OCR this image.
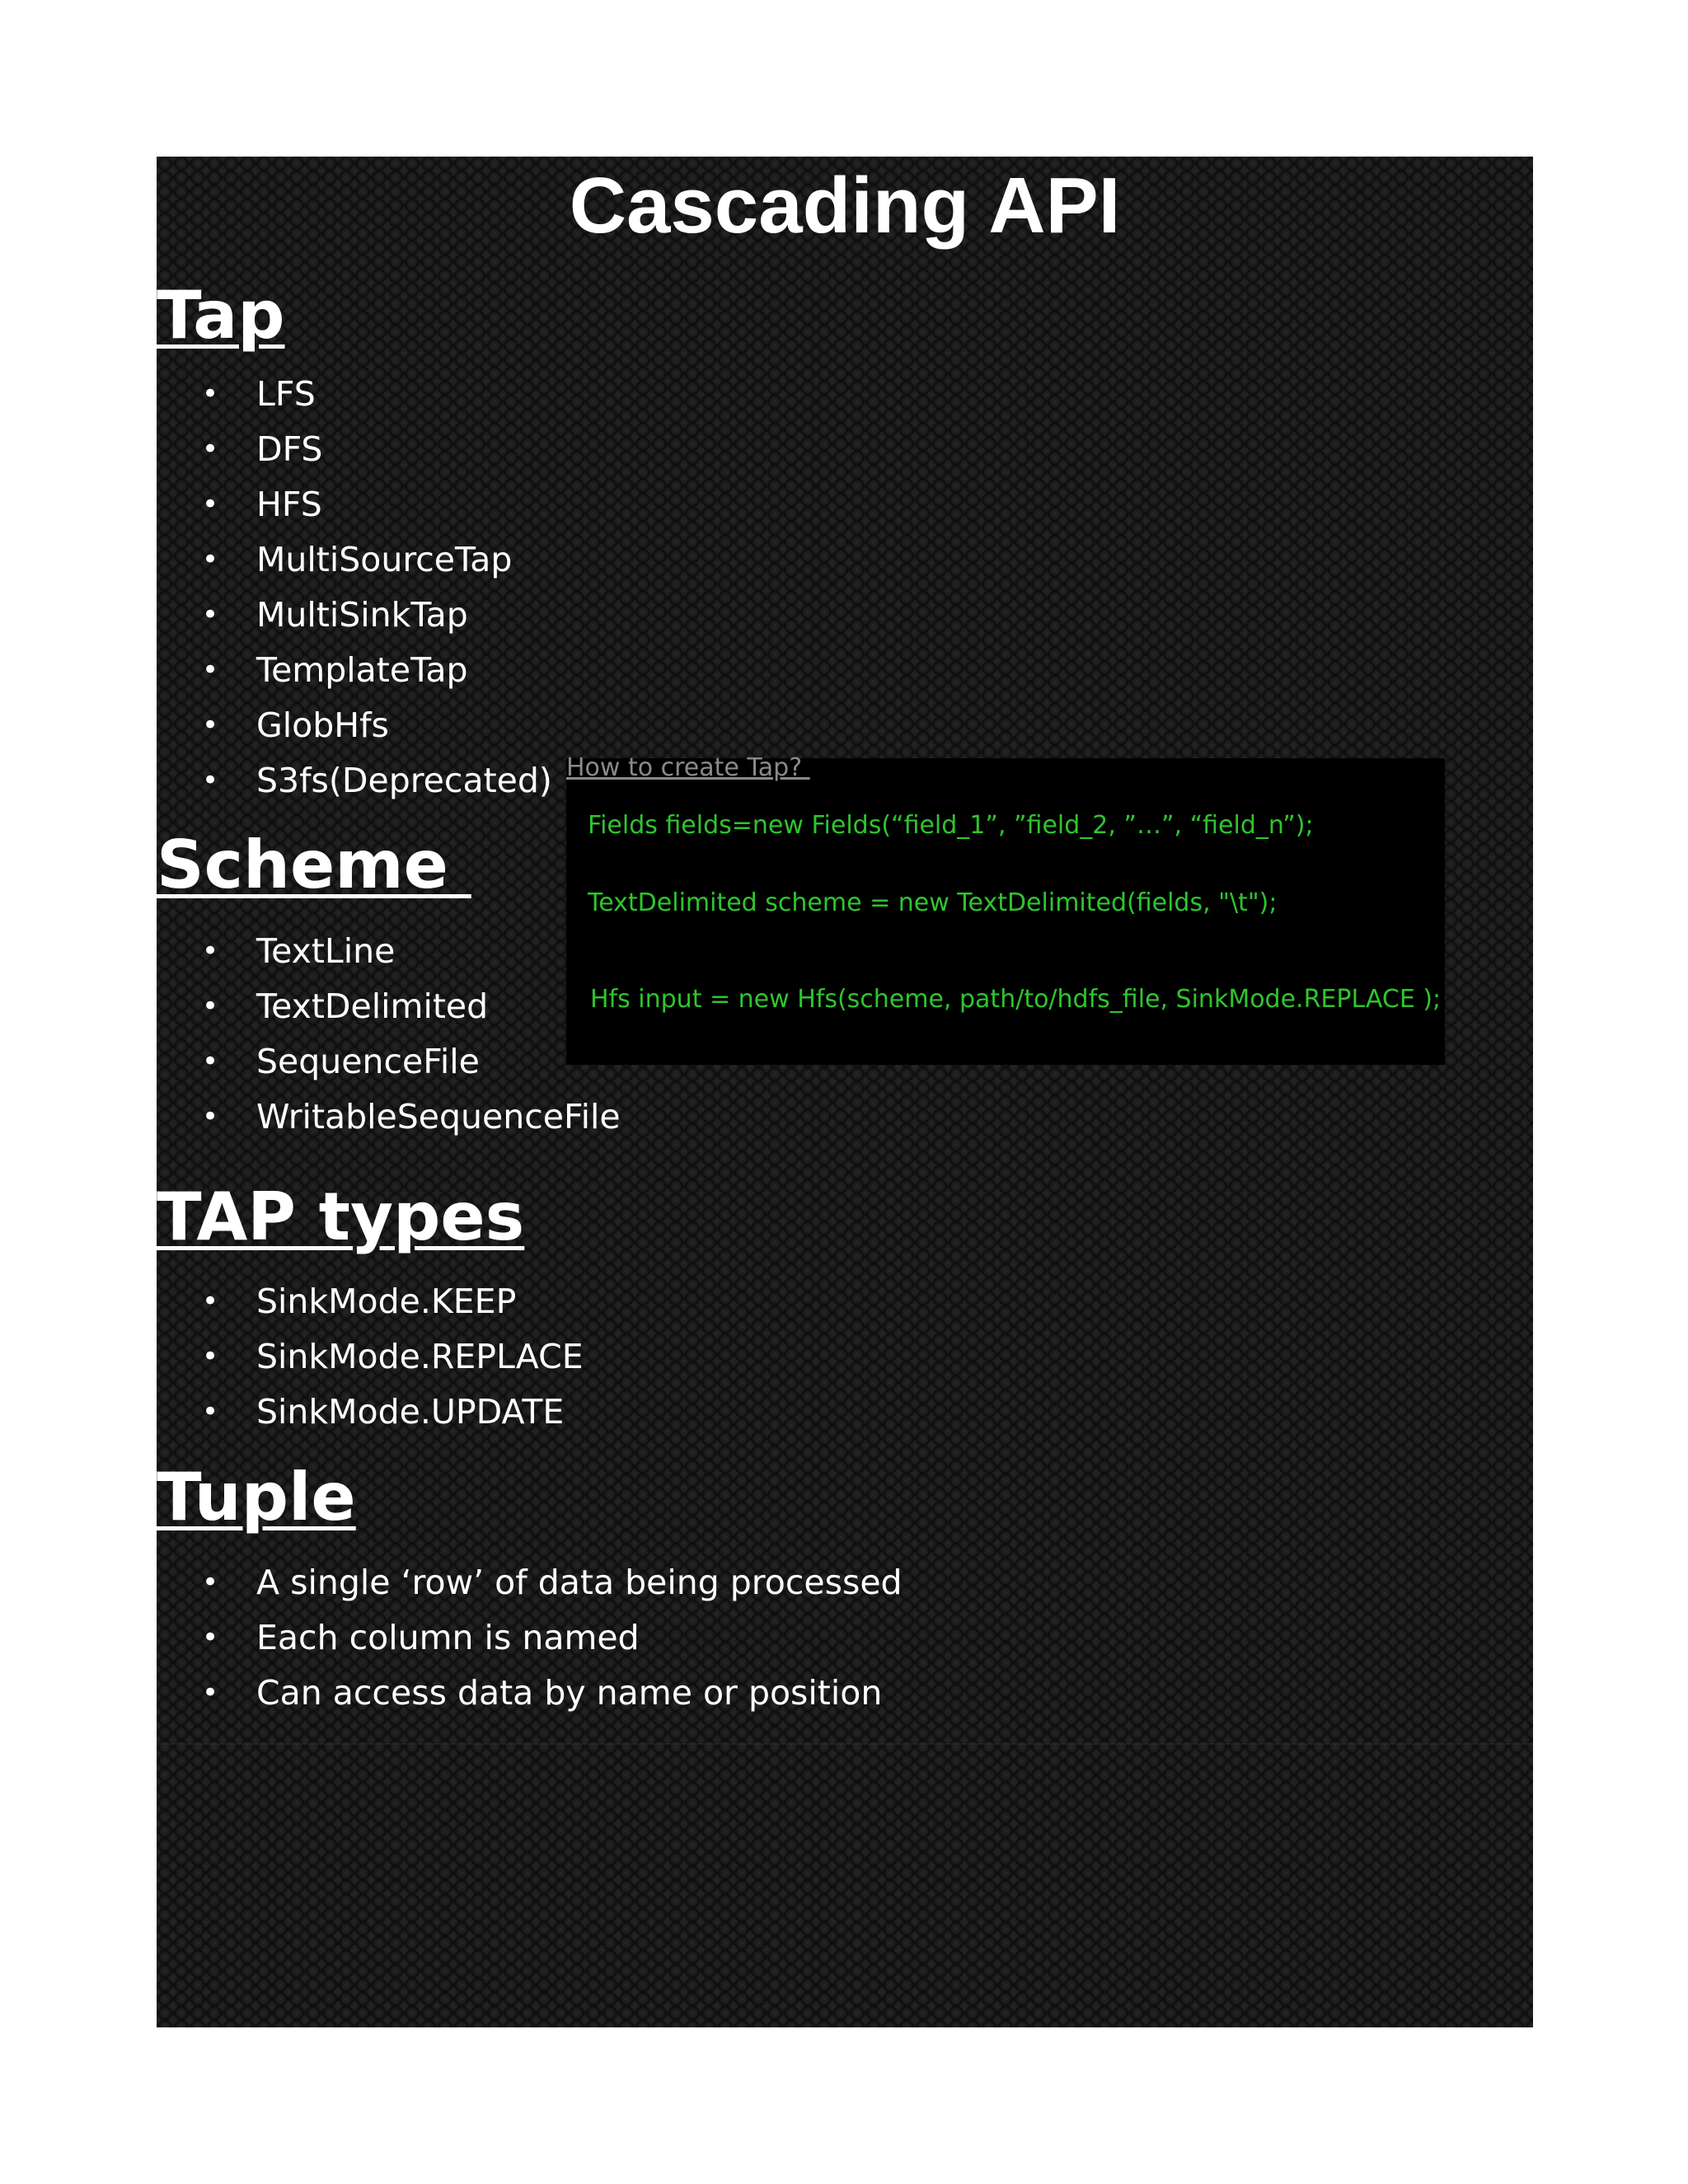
Cascading API
Tap
• LFS
• DFS
• HFS
• MultiSourceTap
• MultiSinkTap
• TemplateTap
• GlobHfs
• S3fs(Deprecated)
Scheme
• TextLine
• TextDelimited
• SequenceFile
• WritableSequenceFile
TAP types
• SinkMode.KEEP
• SinkMode.REPLACE
• SinkMode.UPDATE
Tuple
• A single ‘row’ of data being processed
• Each column is named
• Can access data by name or position
Fields fields=new Fields(“field_1”, ”field_2, ”…”, “field_n”);
TextDelimited scheme = new TextDelimited(fields, "\t");
Hfs input = new Hfs(scheme, path/to/hdfs_file, SinkMode.REPLACE );
How to create Tap?
